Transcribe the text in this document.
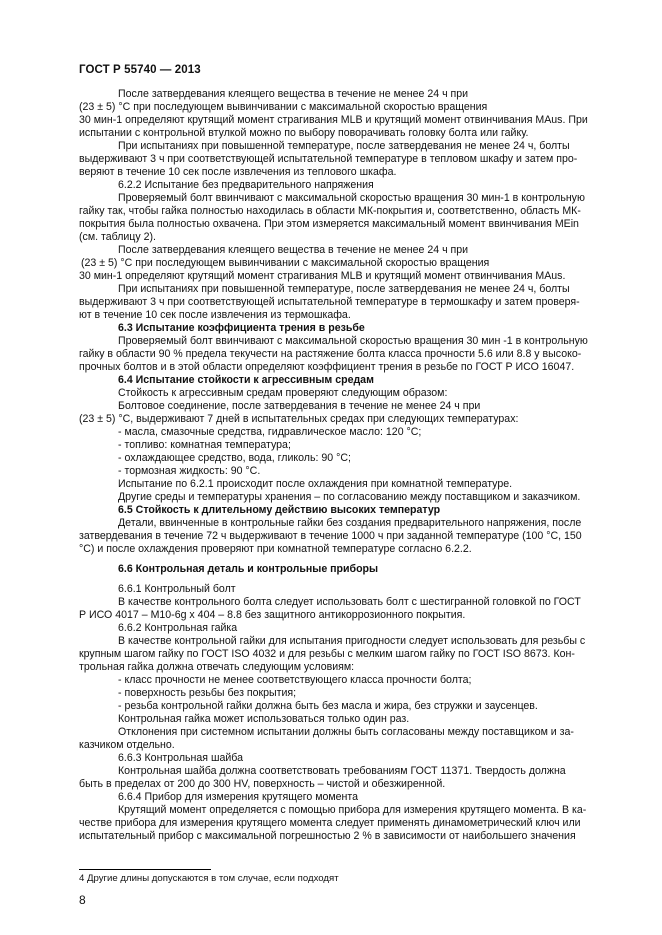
ГОСТ Р 55740 — 2013
После затвердевания клеящего вещества в течение не менее 24 ч при
(23 ± 5) °C при последующем вывинчивании с максимальной скоростью вращения
30 мин-1 определяют крутящий момент страгивания MLB и крутящий момент отвинчивания MAus. При
испытании с контрольной втулкой можно по выбору поворачивать головку болта или гайку.
При испытаниях при повышенной температуре, после затвердевания не менее 24 ч, болты
выдерживают 3 ч при соответствующей испытательной температуре в тепловом шкафу и затем про-
веряют в течение 10 сек после извлечения из теплового шкафа.
6.2.2 Испытание без предварительного напряжения
Проверяемый болт ввинчивают с максимальной скоростью вращения 30 мин-1 в контрольную
гайку так, чтобы гайка полностью находилась в области МК-покрытия и, соответственно, область МК-
покрытия была полностью охвачена. При этом измеряется максимальный момент ввинчивания MEin
(см. таблицу 2).
После затвердевания клеящего вещества в течение не менее 24 ч при
(23 ± 5) °C при последующем вывинчивании с максимальной скоростью вращения
30 мин-1 определяют крутящий момент страгивания MLB и крутящий момент отвинчивания MAus.
При испытаниях при повышенной температуре, после затвердевания не менее 24 ч, болты
выдерживают 3 ч при соответствующей испытательной температуре в термошкафу и затем проверя-
ют в течение 10 сек после извлечения из термошкафа.
6.3 Испытание коэффициента трения в резьбе
Проверяемый болт ввинчивают с максимальной скоростью вращения 30 мин -1 в контрольную
гайку в области 90 % предела текучести на растяжение болта класса прочности 5.6 или 8.8 у высоко-
прочных болтов и в этой области определяют коэффициент трения в резьбе по ГОСТ Р ИСО 16047.
6.4 Испытание стойкости к агрессивным средам
Стойкость к агрессивным средам проверяют следующим образом:
Болтовое соединение, после затвердевания в течение не менее 24 ч при
(23 ± 5) °C, выдерживают 7 дней в испытательных средах при следующих температурах:
- масла, смазочные средства, гидравлическое масло: 120 °C;
- топливо: комнатная температура;
- охлаждающее средство, вода, гликоль: 90 °C;
- тормозная жидкость: 90 °C.
Испытание по 6.2.1 происходит после охлаждения при комнатной температуре.
Другие среды и температуры хранения – по согласованию между поставщиком и заказчиком.
6.5 Стойкость к длительному действию высоких температур
Детали, ввинченные в контрольные гайки без создания предварительного напряжения, после
затвердевания в течение 72 ч выдерживают в течение 1000 ч при заданной температуре (100 °C, 150
°C) и после охлаждения проверяют при комнатной температуре согласно 6.2.2.
6.6 Контрольная деталь и контрольные приборы
6.6.1 Контрольный болт
В качестве контрольного болта следует использовать болт с шестигранной головкой по ГОСТ
Р ИСО 4017 – M10-6g x 404 – 8.8 без защитного антикоррозионного покрытия.
6.6.2 Контрольная гайка
В качестве контрольной гайки для испытания пригодности следует использовать для резьбы с
крупным шагом гайку по ГОСТ ISO 4032 и для резьбы с мелким шагом гайку по ГОСТ ISO 8673. Кон-
трольная гайка должна отвечать следующим условиям:
- класс прочности не менее соответствующего класса прочности болта;
- поверхность резьбы без покрытия;
- резьба контрольной гайки должна быть без масла и жира, без стружки и заусенцев.
Контрольная гайка может использоваться только один раз.
Отклонения при системном испытании должны быть согласованы между поставщиком и за-
казчиком отдельно.
6.6.3 Контрольная шайба
Контрольная шайба должна соответствовать требованиям ГОСТ 11371. Твердость должна
быть в пределах от 200 до 300 HV, поверхность – чистой и обезжиренной.
6.6.4 Прибор для измерения крутящего момента
Крутящий момент определяется с помощью прибора для измерения крутящего момента. В ка-
честве прибора для измерения крутящего момента следует применять динамометрический ключ или
испытательный прибор с максимальной погрешностью 2 % в зависимости от наибольшего значения
4 Другие длины допускаются в том случае, если подходят
8
